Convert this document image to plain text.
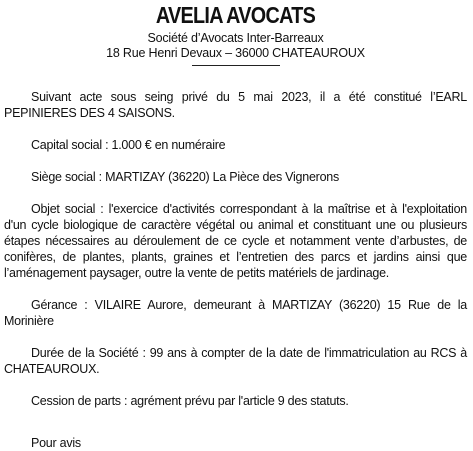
AVELIA AVOCATS
Société d’Avocats Inter-Barreaux
18 Rue Henri Devaux – 36000 CHATEAUROUX

Suivant acte sous seing privé du 5 mai 2023, il a été constitué l’EARL PEPINIERES DES 4 SAISONS.

Capital social : 1.000 € en numéraire

Siège social : MARTIZAY (36220) La Pièce des Vignerons

Objet social : l'exercice d'activités correspondant à la maîtrise et à l'exploitation d'un cycle biologique de caractère végétal ou animal et constituant une ou plusieurs étapes nécessaires au déroulement de ce cycle et notamment vente d’arbustes, de conifères, de plantes, plants, graines et l’entretien des parcs et jardins ainsi que l’aménagement paysager, outre la vente de petits matériels de jardinage.

Gérance : VILAIRE Aurore, demeurant à MARTIZAY (36220) 15 Rue de la Morinière

Durée de la Société : 99 ans à compter de la date de l'immatriculation au RCS à CHATEAUROUX.

Cession de parts : agrément prévu par l'article 9 des statuts.

Pour avis
